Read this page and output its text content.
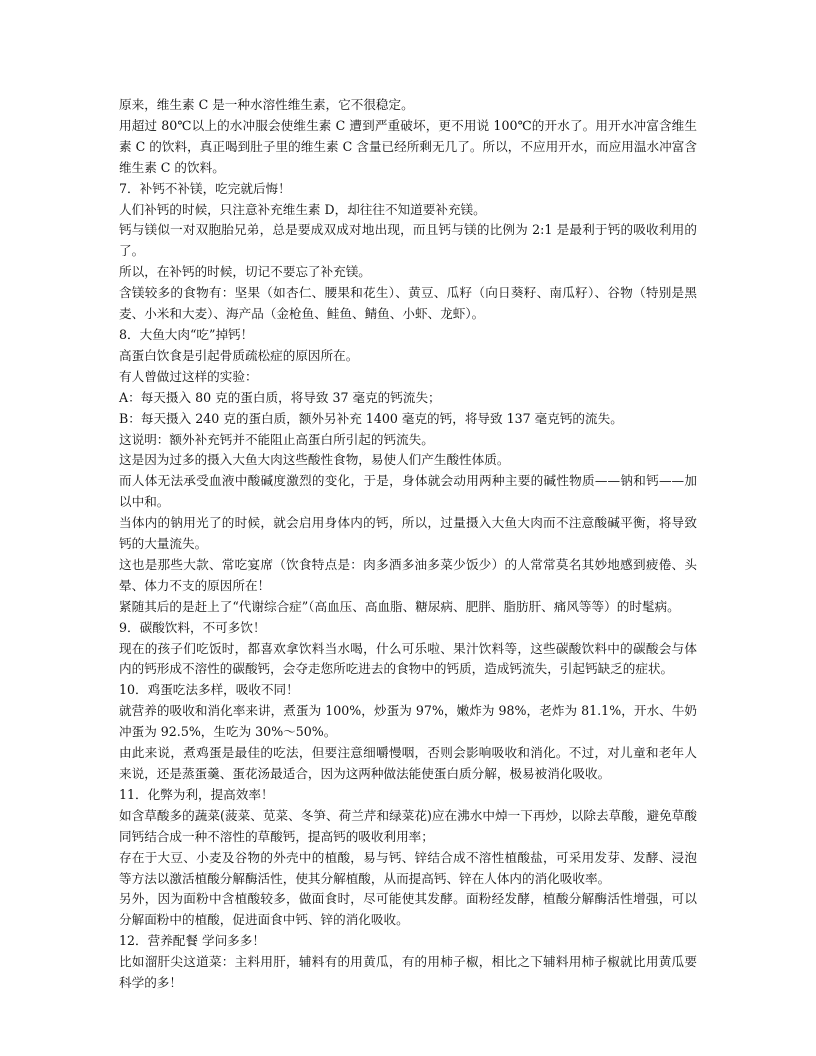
原来，维生素 C 是一种水溶性维生素，它不很稳定。

用超过 80℃以上的水冲服会使维生素 C 遭到严重破坏，更不用说 100℃的开水了。用开水冲富含维生素 C 的饮料，真正喝到肚子里的维生素 C 含量已经所剩无几了。所以，不应用开水，而应用温水冲富含维生素 C 的饮料。

7．补钙不补镁，吃完就后悔！

人们补钙的时候，只注意补充维生素 D，却往往不知道要补充镁。

钙与镁似一对双胞胎兄弟，总是要成双成对地出现，而且钙与镁的比例为 2:1 是最利于钙的吸收利用的了。

所以，在补钙的时候，切记不要忘了补充镁。

含镁较多的食物有：坚果（如杏仁、腰果和花生）、黄豆、瓜籽（向日葵籽、南瓜籽）、谷物（特别是黑麦、小米和大麦）、海产品（金枪鱼、鲑鱼、鲭鱼、小虾、龙虾）。

8．大鱼大肉“吃”掉钙！

高蛋白饮食是引起骨质疏松症的原因所在。

有人曾做过这样的实验：

A：每天摄入 80 克的蛋白质，将导致 37 毫克的钙流失；

B：每天摄入 240 克的蛋白质，额外另补充 1400 毫克的钙，将导致 137 毫克钙的流失。

这说明：额外补充钙并不能阻止高蛋白所引起的钙流失。

这是因为过多的摄入大鱼大肉这些酸性食物，易使人们产生酸性体质。

而人体无法承受血液中酸碱度激烈的变化，于是，身体就会动用两种主要的碱性物质——钠和钙——加以中和。

当体内的钠用光了的时候，就会启用身体内的钙，所以，过量摄入大鱼大肉而不注意酸碱平衡，将导致钙的大量流失。

这也是那些大款、常吃宴席（饮食特点是：肉多酒多油多菜少饭少）的人常常莫名其妙地感到疲倦、头晕、体力不支的原因所在！

紧随其后的是赶上了“代谢综合症”（高血压、高血脂、糖尿病、肥胖、脂肪肝、痛风等等）的时髦病。

9．碳酸饮料，不可多饮！

现在的孩子们吃饭时，都喜欢拿饮料当水喝，什么可乐啦、果汁饮料等，这些碳酸饮料中的碳酸会与体内的钙形成不溶性的碳酸钙，会夺走您所吃进去的食物中的钙质，造成钙流失，引起钙缺乏的症状。

10．鸡蛋吃法多样，吸收不同！

就营养的吸收和消化率来讲，煮蛋为 100%，炒蛋为 97%，嫩炸为 98%，老炸为 81.1%，开水、牛奶冲蛋为 92.5%，生吃为 30%～50%。

由此来说，煮鸡蛋是最佳的吃法，但要注意细嚼慢咽，否则会影响吸收和消化。不过，对儿童和老年人来说，还是蒸蛋羹、蛋花汤最适合，因为这两种做法能使蛋白质分解，极易被消化吸收。

11．化弊为利，提高效率！

如含草酸多的蔬菜(菠菜、苋菜、冬笋、荷兰芹和绿菜花)应在沸水中焯一下再炒，以除去草酸，避免草酸同钙结合成一种不溶性的草酸钙，提高钙的吸收利用率；

存在于大豆、小麦及谷物的外壳中的植酸，易与钙、锌结合成不溶性植酸盐，可采用发芽、发酵、浸泡等方法以激活植酸分解酶活性，使其分解植酸，从而提高钙、锌在人体内的消化吸收率。

另外，因为面粉中含植酸较多，做面食时，尽可能使其发酵。面粉经发酵，植酸分解酶活性增强，可以分解面粉中的植酸，促进面食中钙、锌的消化吸收。

12．营养配餐 学问多多！

比如溜肝尖这道菜：主料用肝，辅料有的用黄瓜，有的用柿子椒，相比之下辅料用柿子椒就比用黄瓜要科学的多！
